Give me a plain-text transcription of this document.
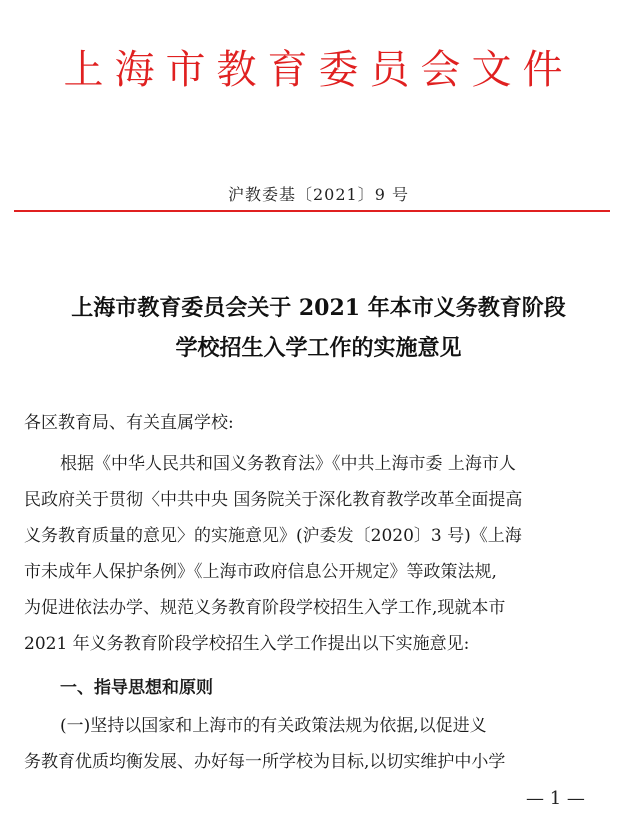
上海市教育委员会文件
沪教委基〔2021〕9 号
上海市教育委员会关于 2021 年本市义务教育阶段
学校招生入学工作的实施意见
各区教育局、有关直属学校:
根据《中华人民共和国义务教育法》《中共上海市委 上海市人
民政府关于贯彻〈中共中央 国务院关于深化教育教学改革全面提高
义务教育质量的意见〉的实施意见》(沪委发〔2020〕3 号)《上海
市未成年人保护条例》《上海市政府信息公开规定》等政策法规,
为促进依法办学、规范义务教育阶段学校招生入学工作,现就本市
2021 年义务教育阶段学校招生入学工作提出以下实施意见:
一、指导思想和原则
(一)坚持以国家和上海市的有关政策法规为依据,以促进义
务教育优质均衡发展、办好每一所学校为目标,以切实维护中小学
— 1 —
